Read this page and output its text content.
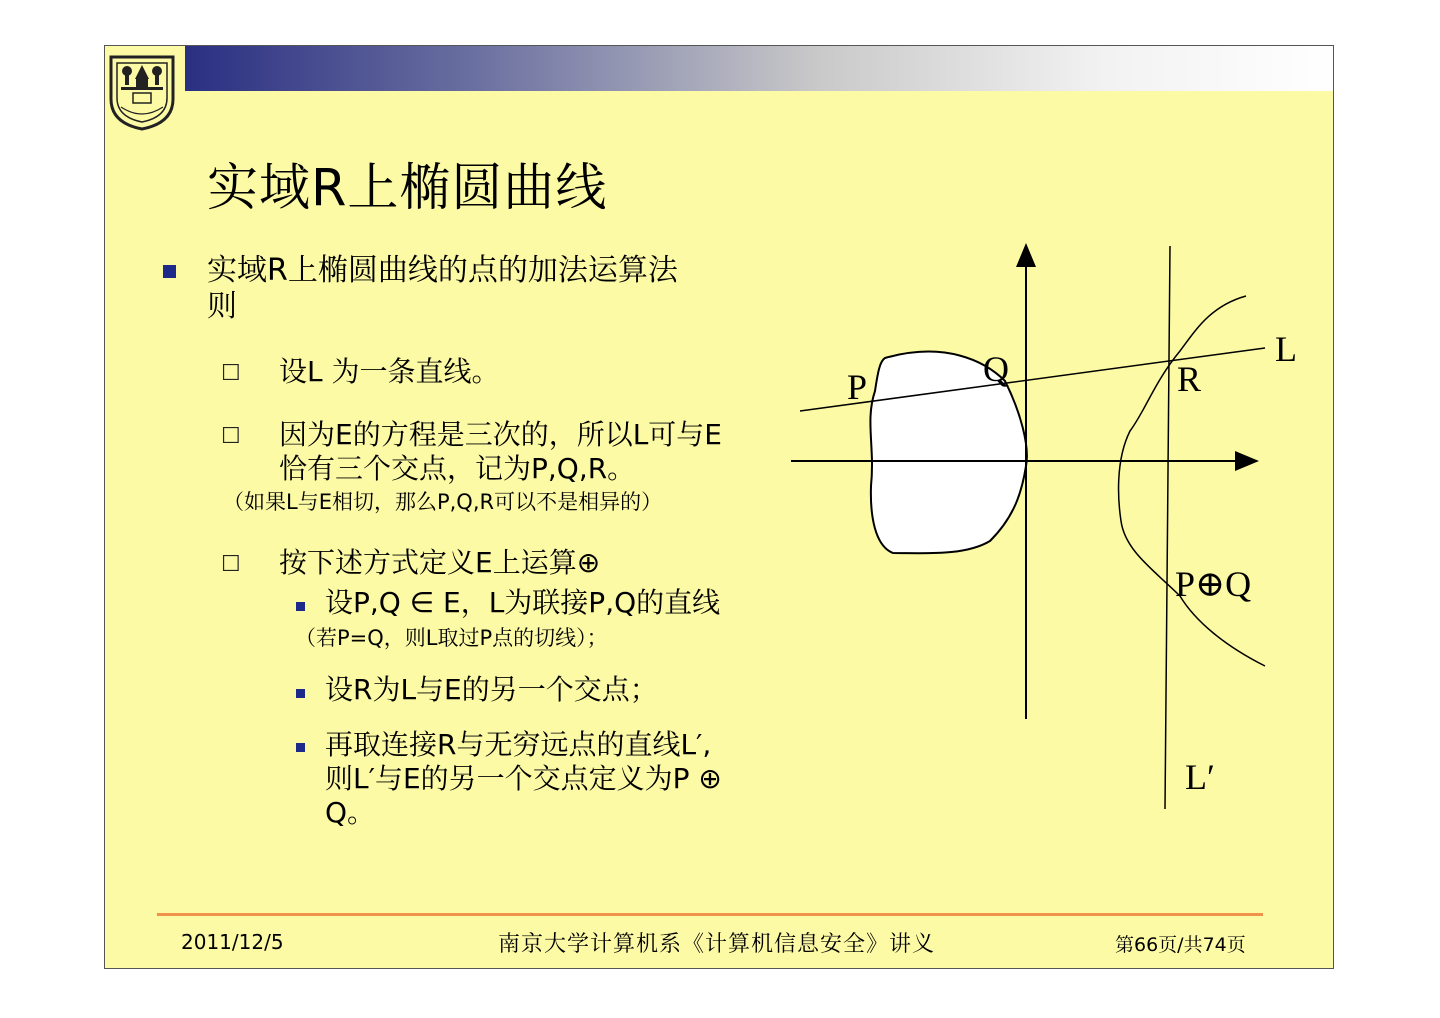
实域R上椭圆曲线
实域R上椭圆曲线的点的加法运算法
则
☐ 设L 为一条直线。
☐ 因为E的方程是三次的，所以L可与E
恰有三个交点，记为P,Q,R。
（如果L与E相切，那么P,Q,R可以不是相异的）
☐ 按下述方式定义E上运算⊕
设P,Q ∈ E，L为联接P,Q的直线
（若P=Q，则L取过P点的切线）；
设R为L与E的另一个交点；
再取连接R与无穷远点的直线L′,
则L′与E的另一个交点定义为P ⊕
Q。
P	Q	R
L
P⊕Q
L′
2011/12/5	南京大学计算机系《计算机信息安全》讲义	第66页/共74页
